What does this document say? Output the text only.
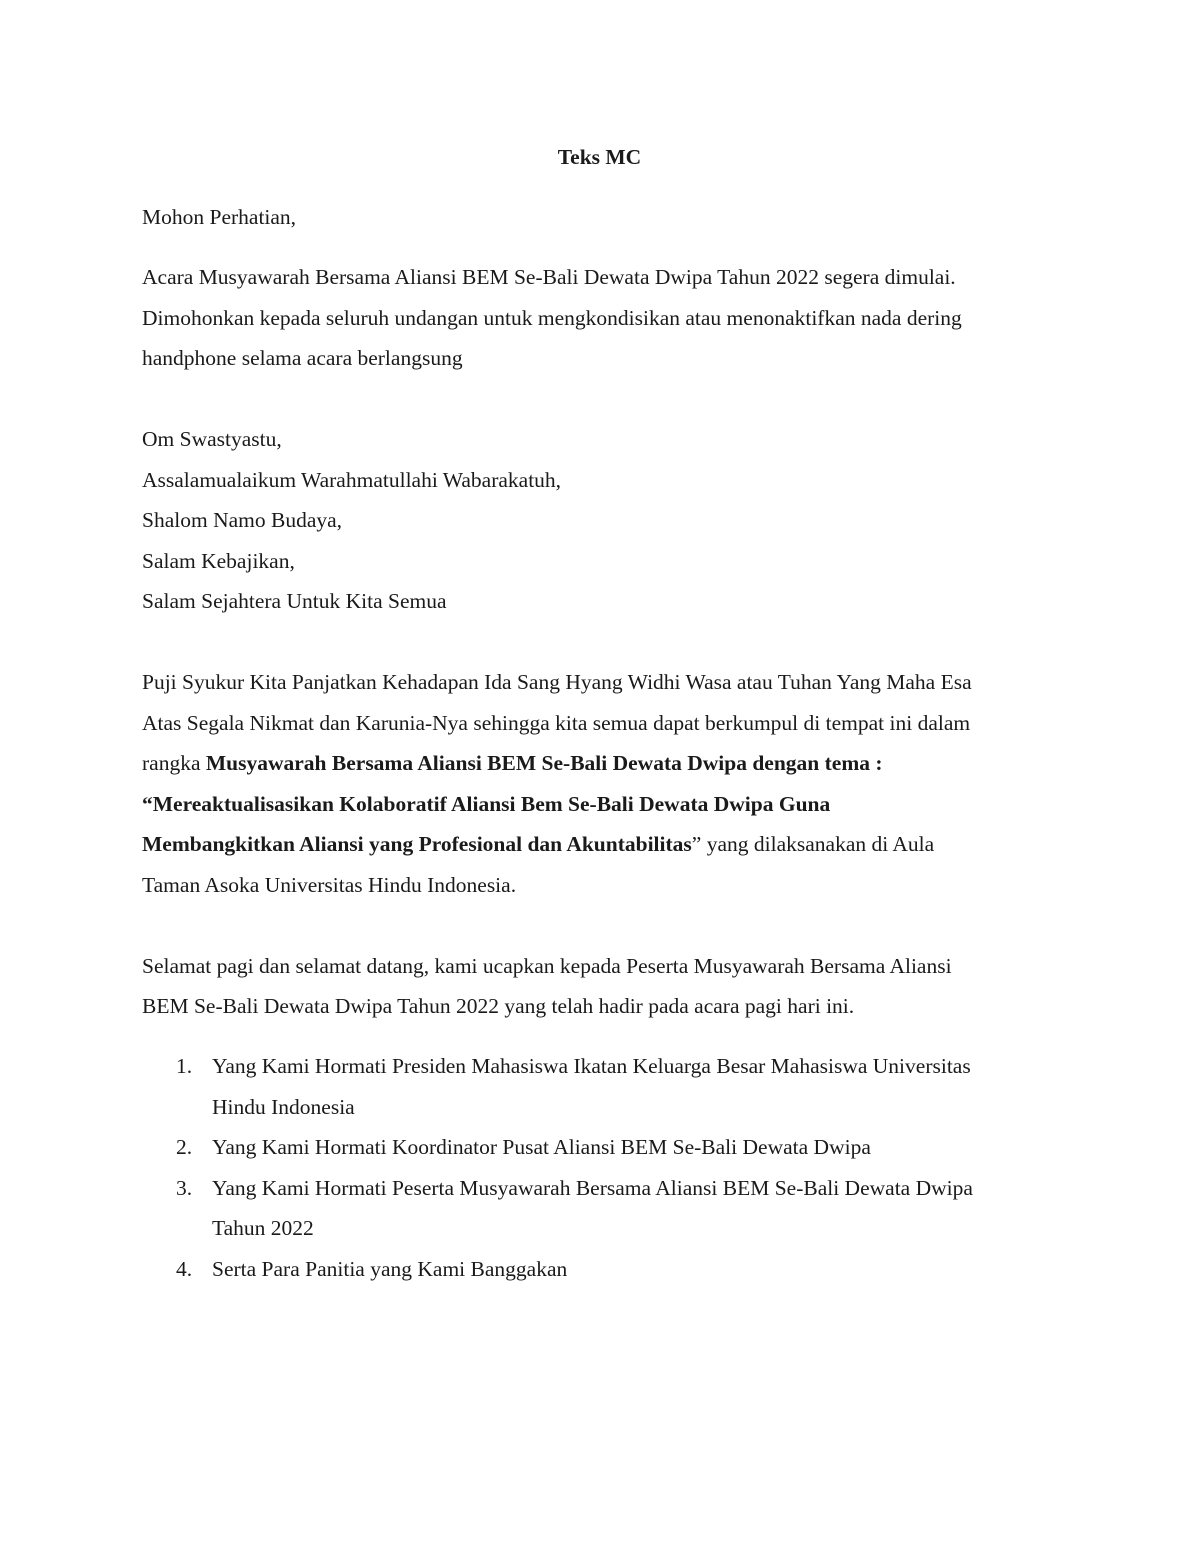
Teks MC

Mohon Perhatian,

Acara Musyawarah Bersama Aliansi BEM Se-Bali Dewata Dwipa Tahun 2022 segera dimulai.

Dimohonkan kepada seluruh undangan untuk mengkondisikan atau menonaktifkan nada dering

handphone selama acara berlangsung

Om Swastyastu,

Assalamualaikum Warahmatullahi Wabarakatuh,

Shalom Namo Budaya,

Salam Kebajikan,

Salam Sejahtera Untuk Kita Semua

Puji Syukur Kita Panjatkan Kehadapan Ida Sang Hyang Widhi Wasa atau Tuhan Yang Maha Esa

Atas Segala Nikmat dan Karunia-Nya sehingga kita semua dapat berkumpul di tempat ini dalam

rangka Musyawarah Bersama Aliansi BEM Se-Bali Dewata Dwipa dengan tema :

“Mereaktualisasikan Kolaboratif Aliansi Bem Se-Bali Dewata Dwipa Guna

Membangkitkan Aliansi yang Profesional dan Akuntabilitas” yang dilaksanakan di Aula

Taman Asoka Universitas Hindu Indonesia.

Selamat pagi dan selamat datang, kami ucapkan kepada Peserta Musyawarah Bersama Aliansi

BEM Se-Bali Dewata Dwipa Tahun 2022 yang telah hadir pada acara pagi hari ini.

1. Yang Kami Hormati Presiden Mahasiswa Ikatan Keluarga Besar Mahasiswa Universitas
Hindu Indonesia
2. Yang Kami Hormati Koordinator Pusat Aliansi BEM Se-Bali Dewata Dwipa
3. Yang Kami Hormati Peserta Musyawarah Bersama Aliansi BEM Se-Bali Dewata Dwipa
Tahun 2022
4. Serta Para Panitia yang Kami Banggakan
